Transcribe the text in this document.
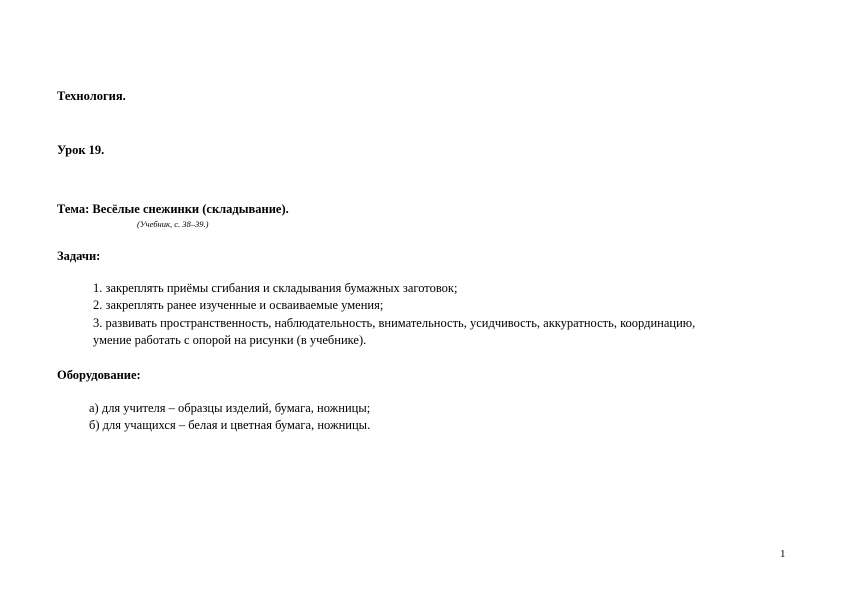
Технология.
Урок 19.
Тема: Весёлые снежинки (складывание).
(Учебник, с. 38–39.)
Задачи:
1. закреплять приёмы сгибания и складывания бумажных заготовок;
2. закреплять ранее изученные и осваиваемые умения;
3. развивать пространственность, наблюдательность, внимательность, усидчивость, аккуратность, координацию,
умение работать с опорой на рисунки (в учебнике).
Оборудование:
а) для учителя – образцы изделий, бумага, ножницы;
б) для учащихся – белая и цветная бумага, ножницы.
1
